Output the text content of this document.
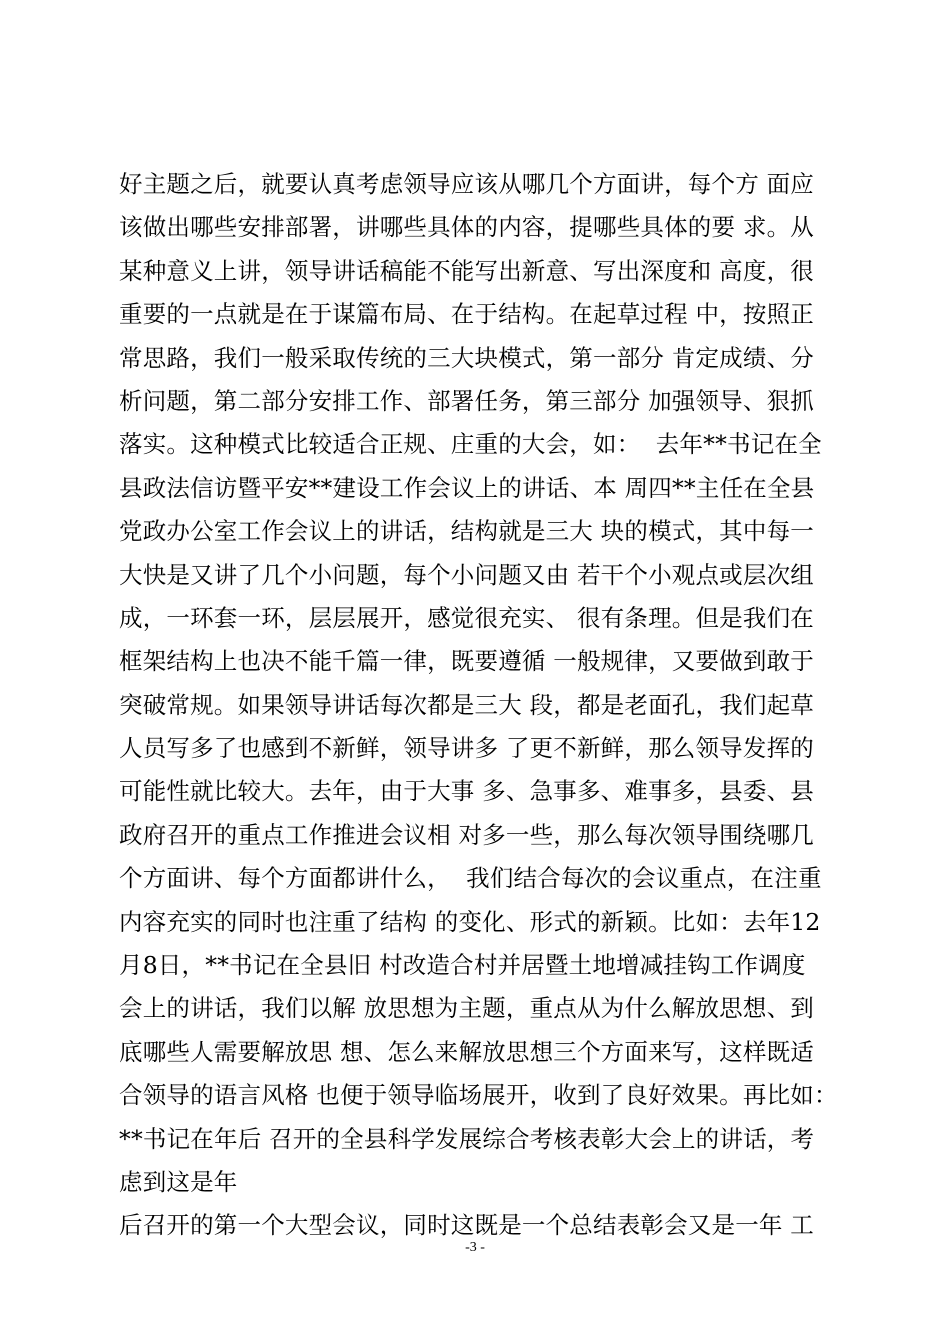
好主题之后，就要认真考虑领导应该从哪几个方面讲，每个方 面应
该做出哪些安排部署，讲哪些具体的内容，提哪些具体的要 求。从
某种意义上讲，领导讲话稿能不能写出新意、写出深度和 高度，很
重要的一点就是在于谋篇布局、在于结构。在起草过程 中，按照正
常思路，我们一般采取传统的三大块模式，第一部分 肯定成绩、分
析问题，第二部分安排工作、部署任务，第三部分 加强领导、狠抓
落实。这种模式比较适合正规、庄重的大会，如：  去年**书记在全
县政法信访暨平安**建设工作会议上的讲话、本 周四**主任在全县
党政办公室工作会议上的讲话，结构就是三大 块的模式，其中每一
大快是又讲了几个小问题，每个小问题又由 若干个小观点或层次组
成，一环套一环，层层展开，感觉很充实、 很有条理。但是我们在
框架结构上也决不能千篇一律，既要遵循 一般规律，又要做到敢于
突破常规。如果领导讲话每次都是三大 段，都是老面孔，我们起草
人员写多了也感到不新鲜，领导讲多 了更不新鲜，那么领导发挥的
可能性就比较大。去年，由于大事 多、急事多、难事多，县委、县
政府召开的重点工作推进会议相 对多一些，那么每次领导围绕哪几
个方面讲、每个方面都讲什么，  我们结合每次的会议重点，在注重
内容充实的同时也注重了结构 的变化、形式的新颖。比如：去年12
月8日，**书记在全县旧 村改造合村并居暨土地增减挂钩工作调度
会上的讲话，我们以解 放思想为主题，重点从为什么解放思想、到
底哪些人需要解放思 想、怎么来解放思想三个方面来写，这样既适
合领导的语言风格 也便于领导临场展开，收到了良好效果。再比如：
**书记在年后 召开的全县科学发展综合考核表彰大会上的讲话，考
虑到这是年
后召开的第一个大型会议，同时这既是一个总结表彰会又是一年 工
-3 -
